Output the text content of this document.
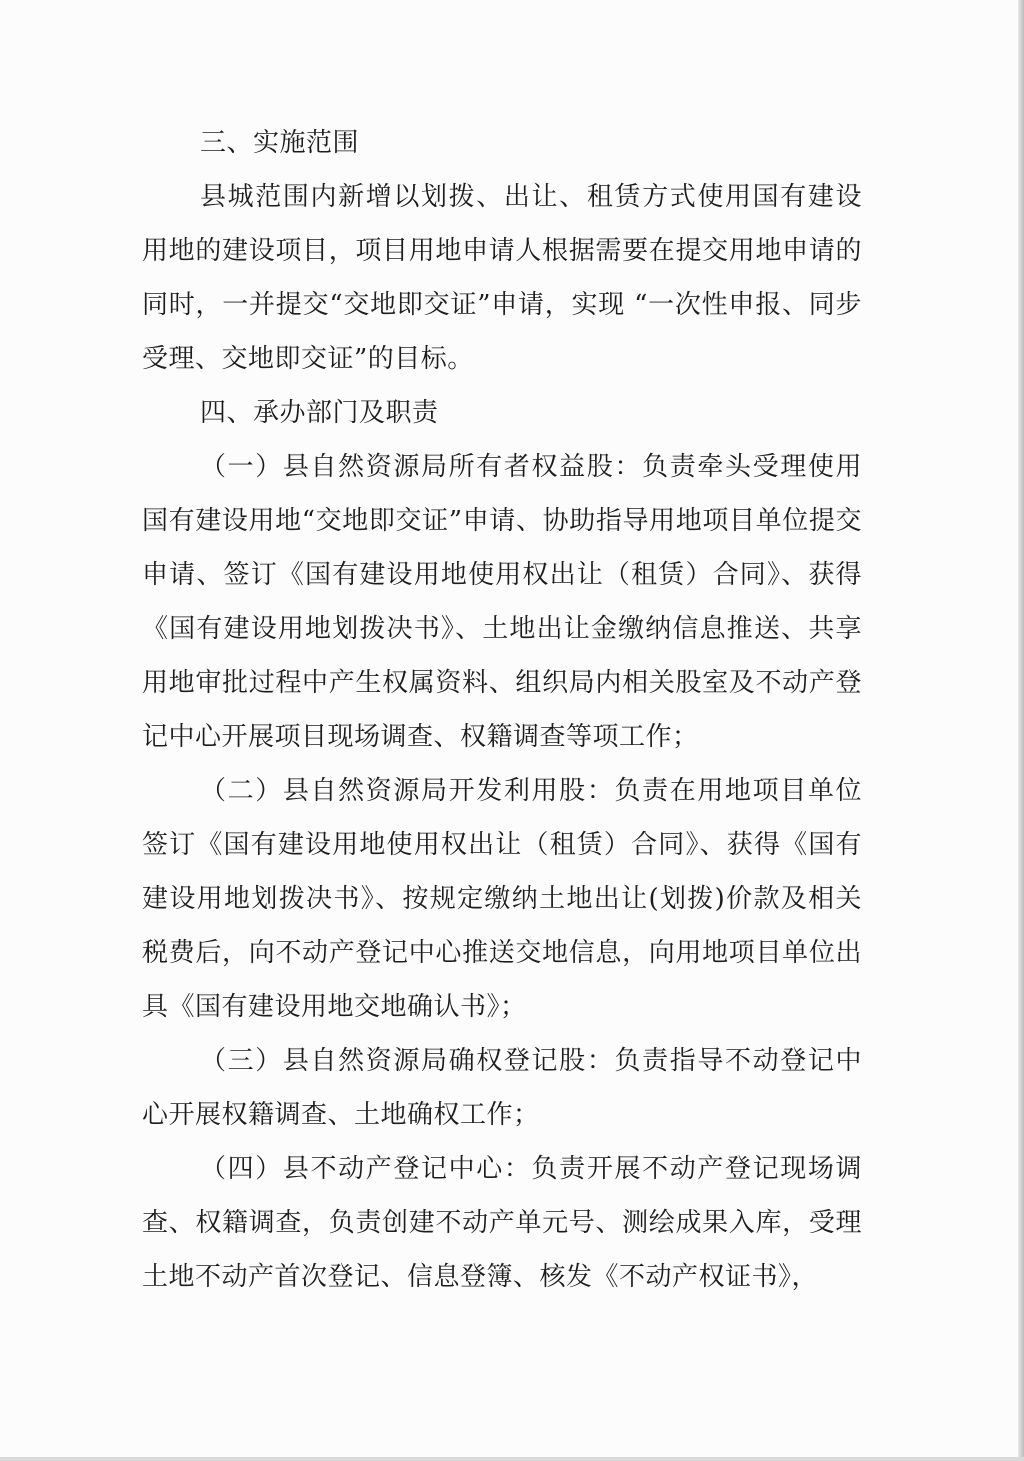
三、实施范围

县城范围内新增以划拨、出让、租赁方式使用国有建设用地的建设项目，项目用地申请人根据需要在提交用地申请的同时，一并提交“交地即交证”申请，实现 “一次性申报、同步受理、交地即交证”的目标。

四、承办部门及职责

（一）县自然资源局所有者权益股：负责牵头受理使用国有建设用地“交地即交证”申请、协助指导用地项目单位提交申请、签订《国有建设用地使用权出让（租赁）合同》、获得《国有建设用地划拨决书》、土地出让金缴纳信息推送、共享用地审批过程中产生权属资料、组织局内相关股室及不动产登记中心开展项目现场调查、权籍调查等项工作；

（二）县自然资源局开发利用股：负责在用地项目单位签订《国有建设用地使用权出让（租赁）合同》、获得《国有建设用地划拨决书》、按规定缴纳土地出让(划拨)价款及相关税费后，向不动产登记中心推送交地信息，向用地项目单位出具《国有建设用地交地确认书》；

（三）县自然资源局确权登记股：负责指导不动登记中心开展权籍调查、土地确权工作；

（四）县不动产登记中心：负责开展不动产登记现场调查、权籍调查，负责创建不动产单元号、测绘成果入库，受理土地不动产首次登记、信息登簿、核发《不动产权证书》，
